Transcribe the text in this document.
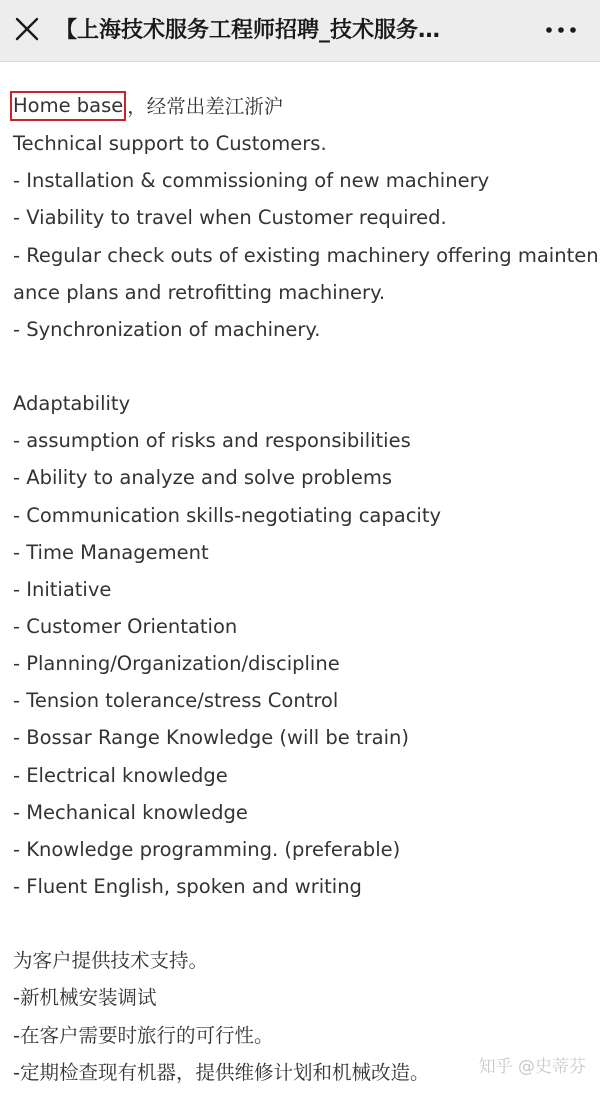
【上海技术服务工程师招聘_技术服务…
Home base ，经常出差江浙沪
Technical support to Customers.
- Installation & commissioning of new machinery
- Viability to travel when Customer required.
- Regular check outs of existing machinery offering mainten
ance plans and retrofitting machinery.
- Synchronization of machinery.
Adaptability
- assumption of risks and responsibilities
- Ability to analyze and solve problems
- Communication skills-negotiating capacity
- Time Management
- Initiative
- Customer Orientation
- Planning/Organization/discipline
- Tension tolerance/stress Control
- Bossar Range Knowledge (will be train)
- Electrical knowledge
- Mechanical knowledge
- Knowledge programming. (preferable)
- Fluent English, spoken and writing
为客户提供技术支持。
-新机械安装调试
-在客户需要时旅行的可行性。
-定期检查现有机器，提供维修计划和机械改造。	知乎 @史蒂芬
